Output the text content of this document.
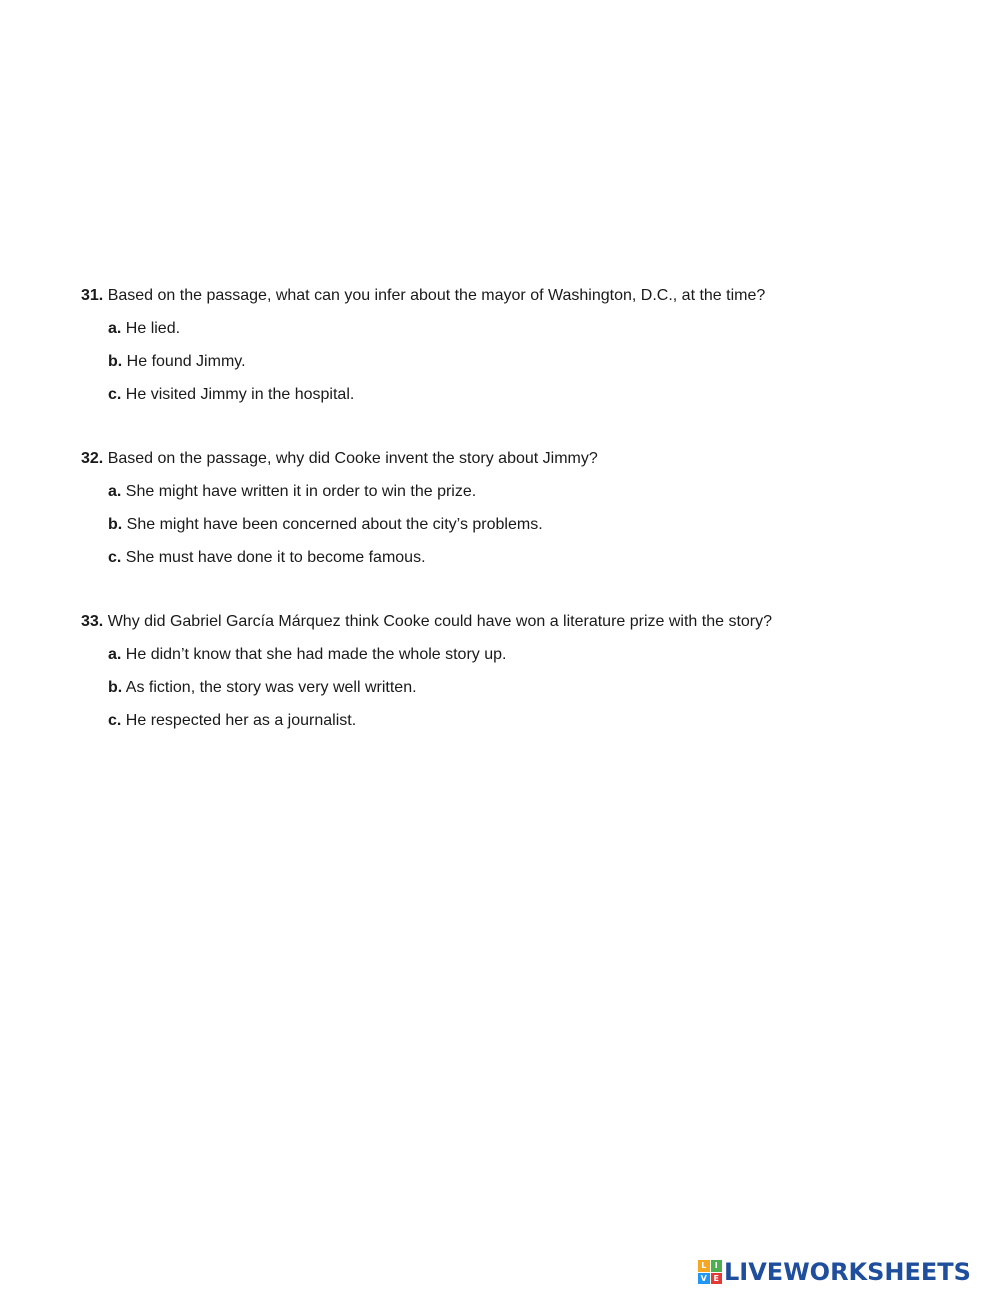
31. Based on the passage, what can you infer about the mayor of Washington, D.C., at the time?
a. He lied.
b. He found Jimmy.
c. He visited Jimmy in the hospital.
32. Based on the passage, why did Cooke invent the story about Jimmy?
a. She might have written it in order to win the prize.
b. She might have been concerned about the city’s problems.
c. She must have done it to become famous.
33. Why did Gabriel García Márquez think Cooke could have won a literature prize with the story?
a. He didn’t know that she had made the whole story up.
b. As fiction, the story was very well written.
c. He respected her as a journalist.
L	I
V E LIVEWORKSHEETS
